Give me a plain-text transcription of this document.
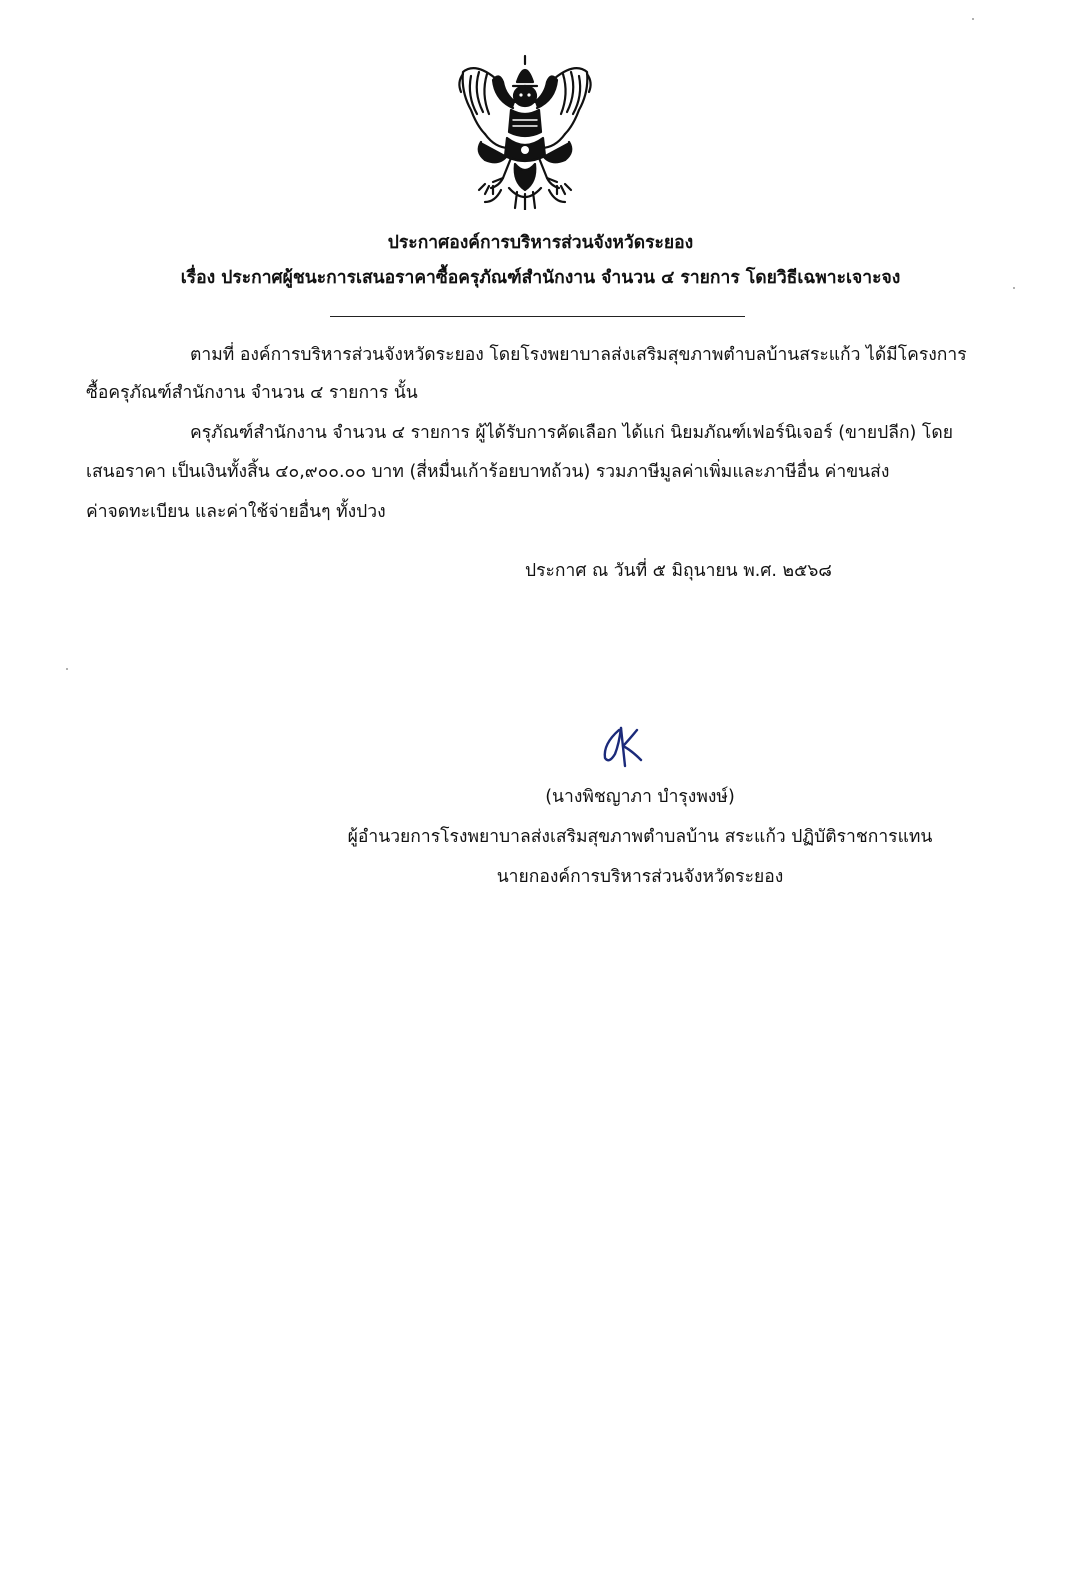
ประกาศองค์การบริหารส่วนจังหวัดระยอง
เรื่อง ประกาศผู้ชนะการเสนอราคาซื้อครุภัณฑ์สำนักงาน จำนวน ๔ รายการ โดยวิธีเฉพาะเจาะจง
ตามที่ องค์การบริหารส่วนจังหวัดระยอง โดยโรงพยาบาลส่งเสริมสุขภาพตำบลบ้านสระแก้ว ได้มีโครงการ
ซื้อครุภัณฑ์สำนักงาน จำนวน ๔ รายการ นั้น
ครุภัณฑ์สำนักงาน จำนวน ๔ รายการ ผู้ได้รับการคัดเลือก ได้แก่ นิยมภัณฑ์เฟอร์นิเจอร์ (ขายปลีก) โดย
เสนอราคา เป็นเงินทั้งสิ้น ๔๐,๙๐๐.๐๐ บาท (สี่หมื่นเก้าร้อยบาทถ้วน) รวมภาษีมูลค่าเพิ่มและภาษีอื่น ค่าขนส่ง
ค่าจดทะเบียน และค่าใช้จ่ายอื่นๆ ทั้งปวง
ประกาศ ณ วันที่ ๕ มิถุนายน พ.ศ. ๒๕๖๘
(นางพิชญาภา บำรุงพงษ์)
ผู้อำนวยการโรงพยาบาลส่งเสริมสุขภาพตำบลบ้าน สระแก้ว ปฏิบัติราชการแทน
นายกองค์การบริหารส่วนจังหวัดระยอง
